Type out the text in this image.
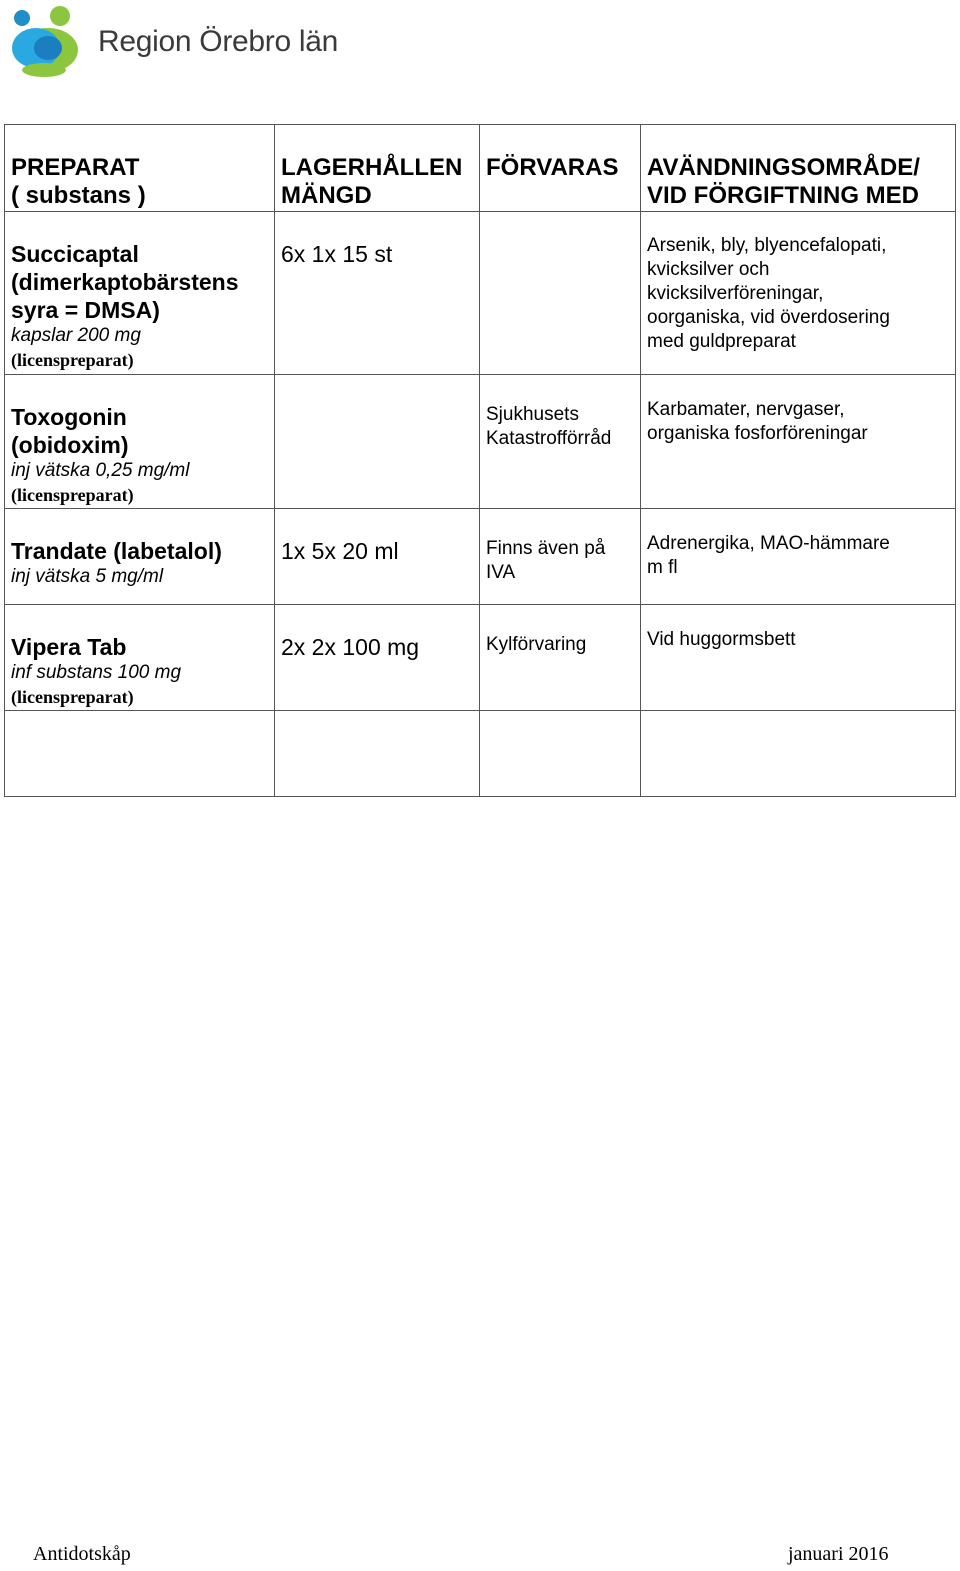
Region Örebro län
PREPARAT
( substans )	LAGERHÅLLEN
MÄNGD	FÖRVARAS	AVÄNDNINGSOMRÅDE/
VID FÖRGIFTNING MED

Succicaptal
(dimerkaptobärstens
syra = DMSA)
kapslar 200 mg
(licenspreparat)	6x 1x 15 st		Arsenik, bly, blyencefalopati,
kvicksilver och
kvicksilverföreningar,
oorganiska, vid överdosering
med guldpreparat

Toxogonin
(obidoxim)
inj vätska 0,25 mg/ml
(licenspreparat)		Sjukhusets
Katastrofförråd	Karbamater, nervgaser,
organiska fosforföreningar

Trandate (labetalol)
inj vätska 5 mg/ml	1x 5x 20 ml	Finns även på
IVA	Adrenergika, MAO-hämmare
m fl

Vipera Tab
inf substans 100 mg
(licenspreparat)	2x 2x 100 mg	Kylförvaring	Vid huggormsbett

Antidotskåp	januari 2016
